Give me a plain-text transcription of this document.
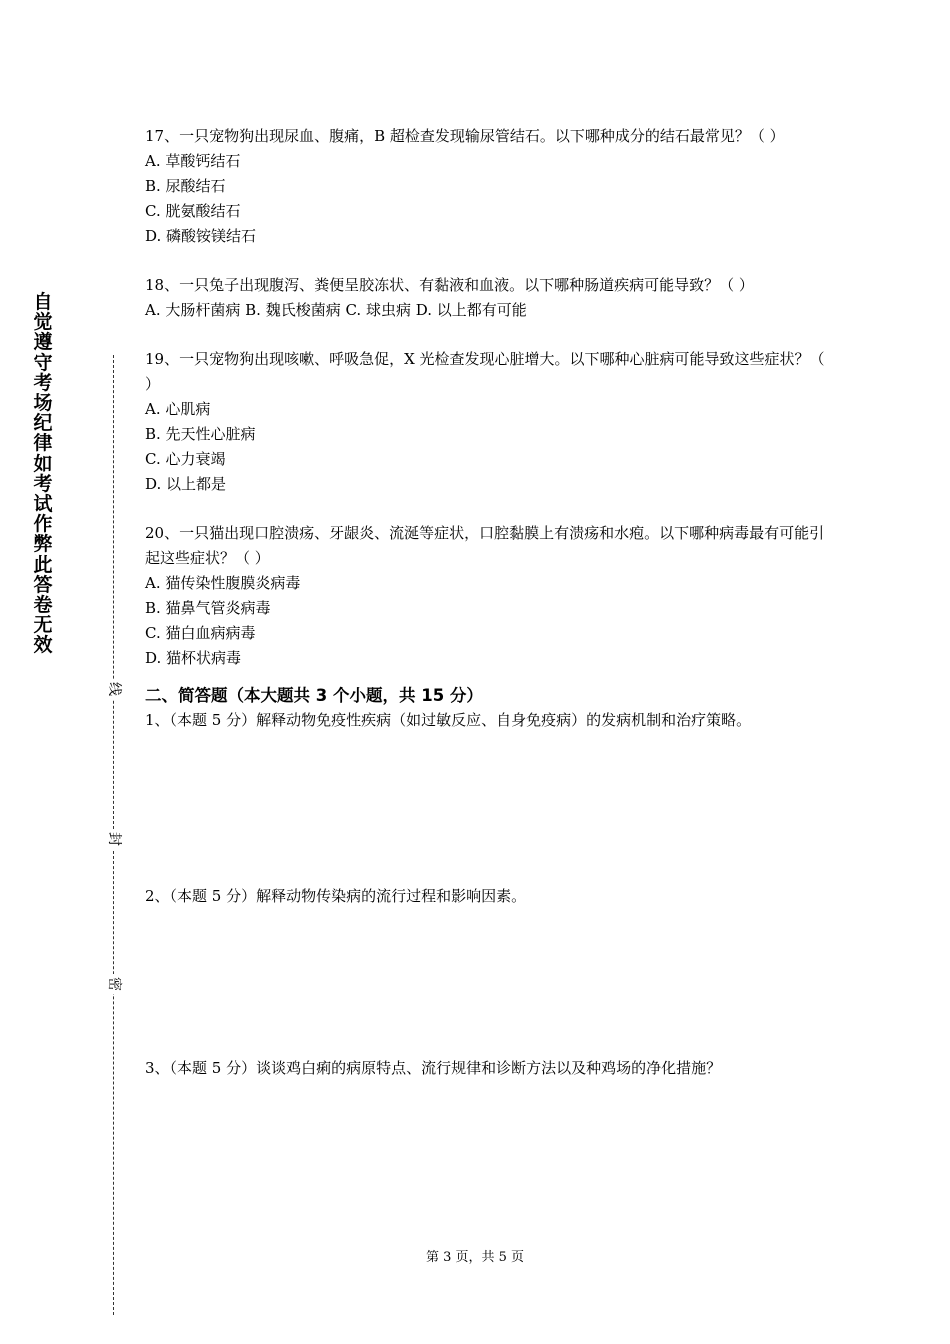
自觉遵守考场纪律如考试作弊此答卷无效
线
封
密

17、一只宠物狗出现尿血、腹痛，B 超检查发现输尿管结石。以下哪种成分的结石最常见？（ ）

A. 草酸钙结石

B. 尿酸结石

C. 胱氨酸结石

D. 磷酸铵镁结石

18、一只兔子出现腹泻、粪便呈胶冻状、有黏液和血液。以下哪种肠道疾病可能导致？（ ）

A. 大肠杆菌病 B. 魏氏梭菌病 C. 球虫病 D. 以上都有可能

19、一只宠物狗出现咳嗽、呼吸急促，X 光检查发现心脏增大。以下哪种心脏病可能导致这些症状？（ ）

A. 心肌病

B. 先天性心脏病

C. 心力衰竭

D. 以上都是

20、一只猫出现口腔溃疡、牙龈炎、流涎等症状，口腔黏膜上有溃疡和水疱。以下哪种病毒最有可能引起这些症状？（ ）

A. 猫传染性腹膜炎病毒

B. 猫鼻气管炎病毒

C. 猫白血病病毒

D. 猫杯状病毒

二、简答题（本大题共 3 个小题，共 15 分）

1、（本题 5 分）解释动物免疫性疾病（如过敏反应、自身免疫病）的发病机制和治疗策略。

2、（本题 5 分）解释动物传染病的流行过程和影响因素。

3、（本题 5 分）谈谈鸡白痢的病原特点、流行规律和诊断方法以及种鸡场的净化措施？

第 3 页，共 5 页
